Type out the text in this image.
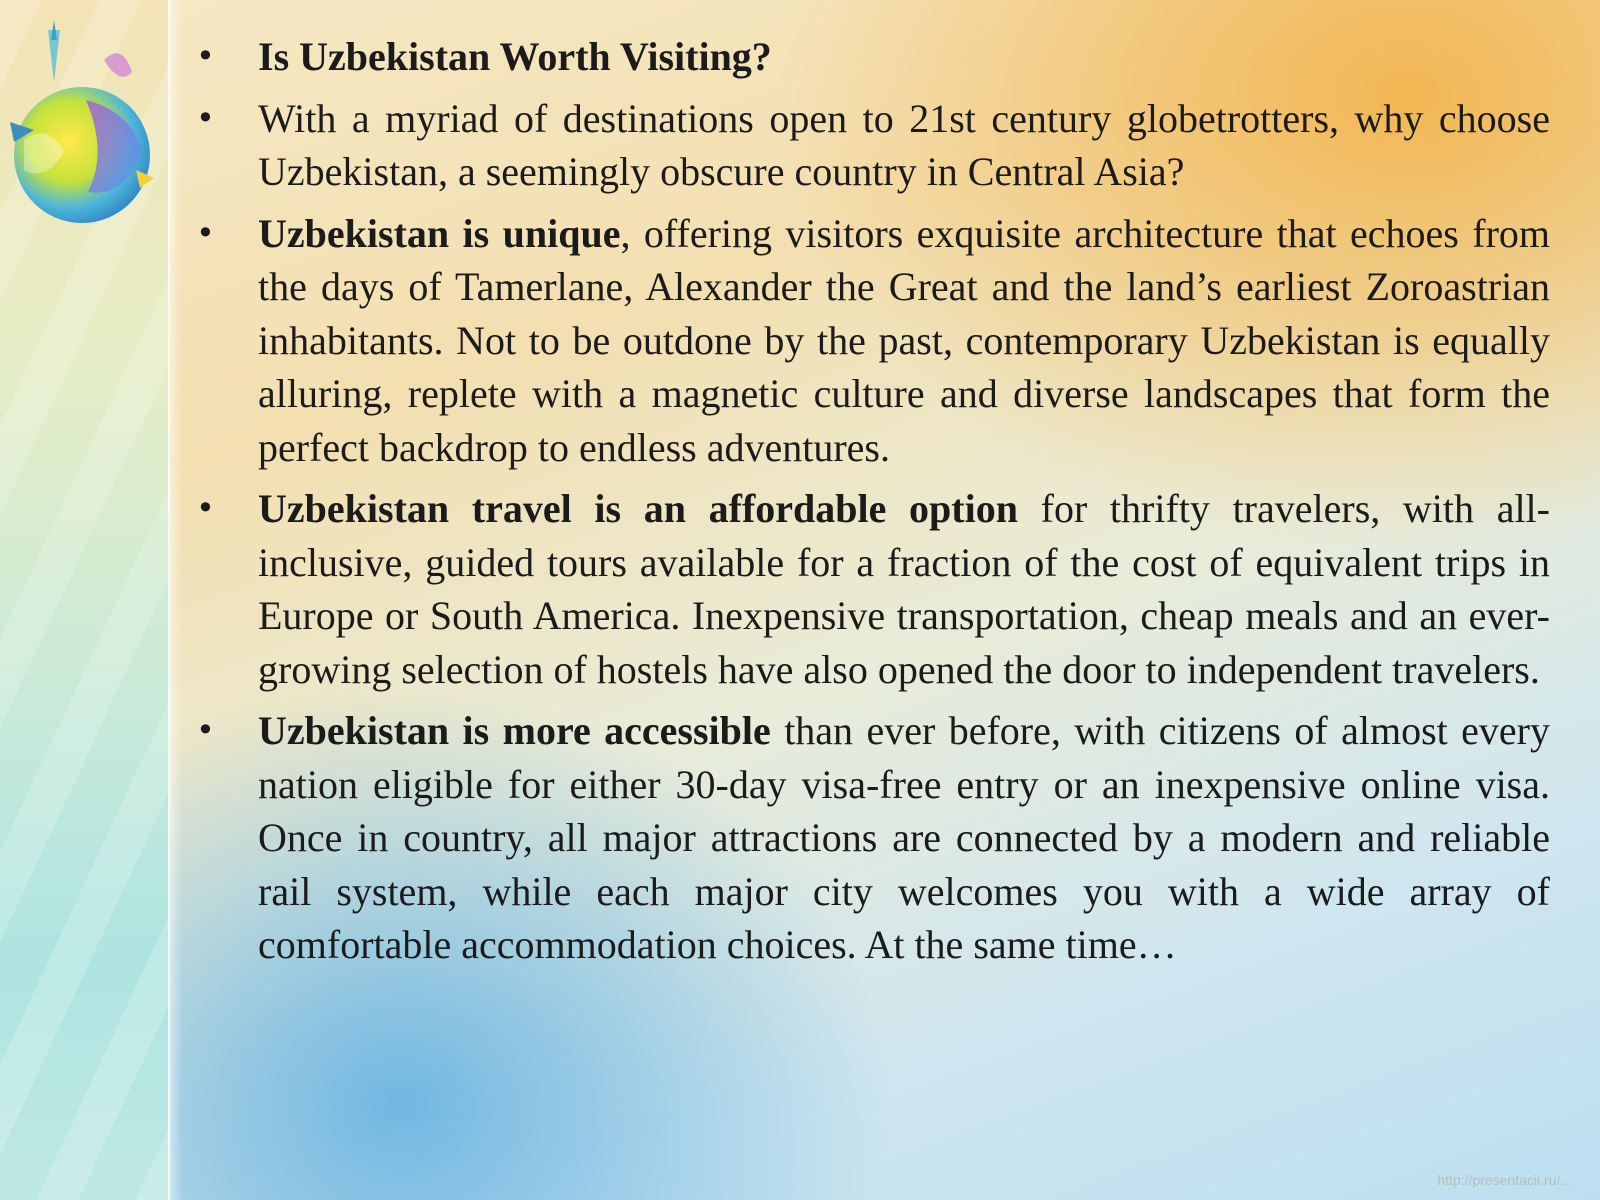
• Is Uzbekistan Worth Visiting?
• With a myriad of destinations open to 21st century globetrotters, why choose Uzbekistan, a seemingly obscure country in Central Asia?
• Uzbekistan is unique, offering visitors exquisite architecture that echoes from the days of Tamerlane, Alexander the Great and the land’s earliest Zoroastrian inhabitants. Not to be outdone by the past, contemporary Uzbekistan is equally alluring, replete with a magnetic culture and diverse landscapes that form the perfect backdrop to endless adventures.
• Uzbekistan travel is an affordable option for thrifty travelers, with all-inclusive, guided tours available for a fraction of the cost of equivalent trips in Europe or South America. Inexpensive transportation, cheap meals and an ever-growing selection of hostels have also opened the door to independent travelers.
• Uzbekistan is more accessible than ever before, with citizens of almost every nation eligible for either 30-day visa-free entry or an inexpensive online visa. Once in country, all major attractions are connected by a modern and reliable rail system, while each major city welcomes you with a wide array of comfortable accommodation choices. At the same time…
http://presentacii.ru/...
